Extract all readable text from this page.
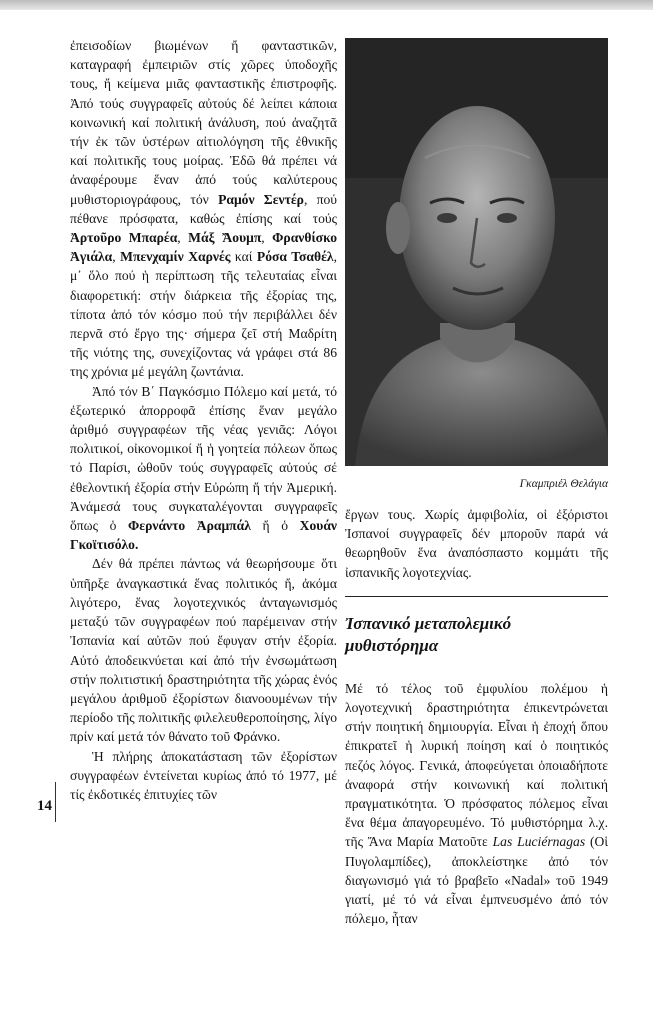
ἐπεισοδίων βιωμένων ἤ φανταστικῶν, καταγραφή ἐμπειριῶν στίς χῶρες ὑποδοχῆς τους, ἤ κείμενα μιᾶς φανταστικῆς ἐπιστροφῆς. Ἀπό τούς συγγραφεῖς αὐτούς δέ λείπει κάποια κοινωνική καί πολιτική ἀνάλυση, πού ἀναζητᾶ τήν ἐκ τῶν ὑστέρων αἰτιολόγηση τῆς ἐθνικῆς καί πολιτικῆς τους μοίρας. Ἐδῶ θά πρέπει νά ἀναφέρουμε ἕναν ἀπό τούς καλύτερους μυθιστοριογράφους, τόν Ραμόν Σεντέρ, πού πέθανε πρόσφατα, καθώς ἐπίσης καί τούς Ἀρτοῦρο Μπαρέα, Μάξ Ἄουμπ, Φρανθίσκο Ἀγιάλα, Μπενχαμίν Χαρνές καί Ρόσα Τσαθέλ, μ᾽ ὅλο πού ἡ περίπτωση τῆς τελευταίας εἶναι διαφορετική: στήν διάρκεια τῆς ἐξορίας της, τίποτα ἀπό τόν κόσμο πού τήν περιβάλλει δέν περνᾶ στό ἔργο της· σήμερα ζεῖ στή Μαδρίτη τῆς νιότης της, συνεχίζοντας νά γράφει στά 86 της χρόνια μέ μεγάλη ζωντάνια.

Ἀπό τόν Β΄ Παγκόσμιο Πόλεμο καί μετά, τό ἐξωτερικό ἀπορροφᾶ ἐπίσης ἕναν μεγάλο ἀριθμό συγγραφέων τῆς νέας γενιᾶς: Λόγοι πολιτικοί, οἰκονομικοί ἤ ἡ γοητεία πόλεων ὅπως τό Παρίσι, ὠθοῦν τούς συγγραφεῖς αὐτούς σέ ἐθελοντική ἐξορία στήν Εὐρώπη ἤ τήν Ἀμερική. Ἀνάμεσά τους συγκαταλέγονται συγγραφεῖς ὅπως ὁ Φερνάντο Ἀραμπάλ ἤ ὁ Χουάν Γκοϊτισόλο.

Δέν θά πρέπει πάντως νά θεωρήσουμε ὅτι ὑπῆρξε ἀναγκαστικά ἕνας πολιτικός ἤ, ἀκόμα λιγότερο, ἕνας λογοτεχνικός ἀνταγωνισμός μεταξύ τῶν συγγραφέων πού παρέμειναν στήν Ἰσπανία καί αὐτῶν πού ἔφυγαν στήν ἐξορία. Αὐτό ἀποδεικνύεται καί ἀπό τήν ἐνσωμάτωση στήν πολιτιστική δραστηριότητα τῆς χώρας ἑνός μεγάλου ἀριθμοῦ ἐξορίστων διανοουμένων τήν περίοδο τῆς πολιτικῆς φιλελευθεροποίησης, λίγο πρίν καί μετά τόν θάνατο τοῦ Φράνκο.

Ἡ πλήρης ἀποκατάσταση τῶν ἐξορίστων συγγραφέων ἐντείνεται κυρίως ἀπό τό 1977, μέ τίς ἐκδοτικές ἐπιτυχίες τῶν

14
Γκαμπριέλ Θελάγια

ἔργων τους. Χωρίς ἀμφιβολία, οἱ ἐξόριστοι Ἰσπανοί συγγραφεῖς δέν μποροῦν παρά νά θεωρηθοῦν ἕνα ἀναπόσπαστο κομμάτι τῆς ἰσπανικῆς λογοτεχνίας.

Ἰσπανικό μεταπολεμικό
μυθιστόρημα

Μέ τό τέλος τοῦ ἐμφυλίου πολέμου ἡ λογοτεχνική δραστηριότητα ἐπικεντρώνεται στήν ποιητική δημιουργία. Εἶναι ἡ ἐποχή ὅπου ἐπικρατεῖ ἡ λυρική ποίηση καί ὁ ποιητικός πεζός λόγος. Γενικά, ἀποφεύγεται ὁποιαδήποτε ἀναφορά στήν κοινωνική καί πολιτική πραγματικότητα. Ὁ πρόσφατος πόλεμος εἶναι ἕνα θέμα ἀπαγορευμένο. Τό μυθιστόρημα λ.χ. τῆς Ἄνα Μαρία Ματοῦτε Las Luciérnagas (Οἱ Πυγολαμπίδες), ἀποκλείστηκε ἀπό τόν διαγωνισμό γιά τό βραβεῖο «Nadal» τοῦ 1949 γιατί, μέ τό νά εἶναι ἐμπνευσμένο ἀπό τόν πόλεμο, ἦταν
